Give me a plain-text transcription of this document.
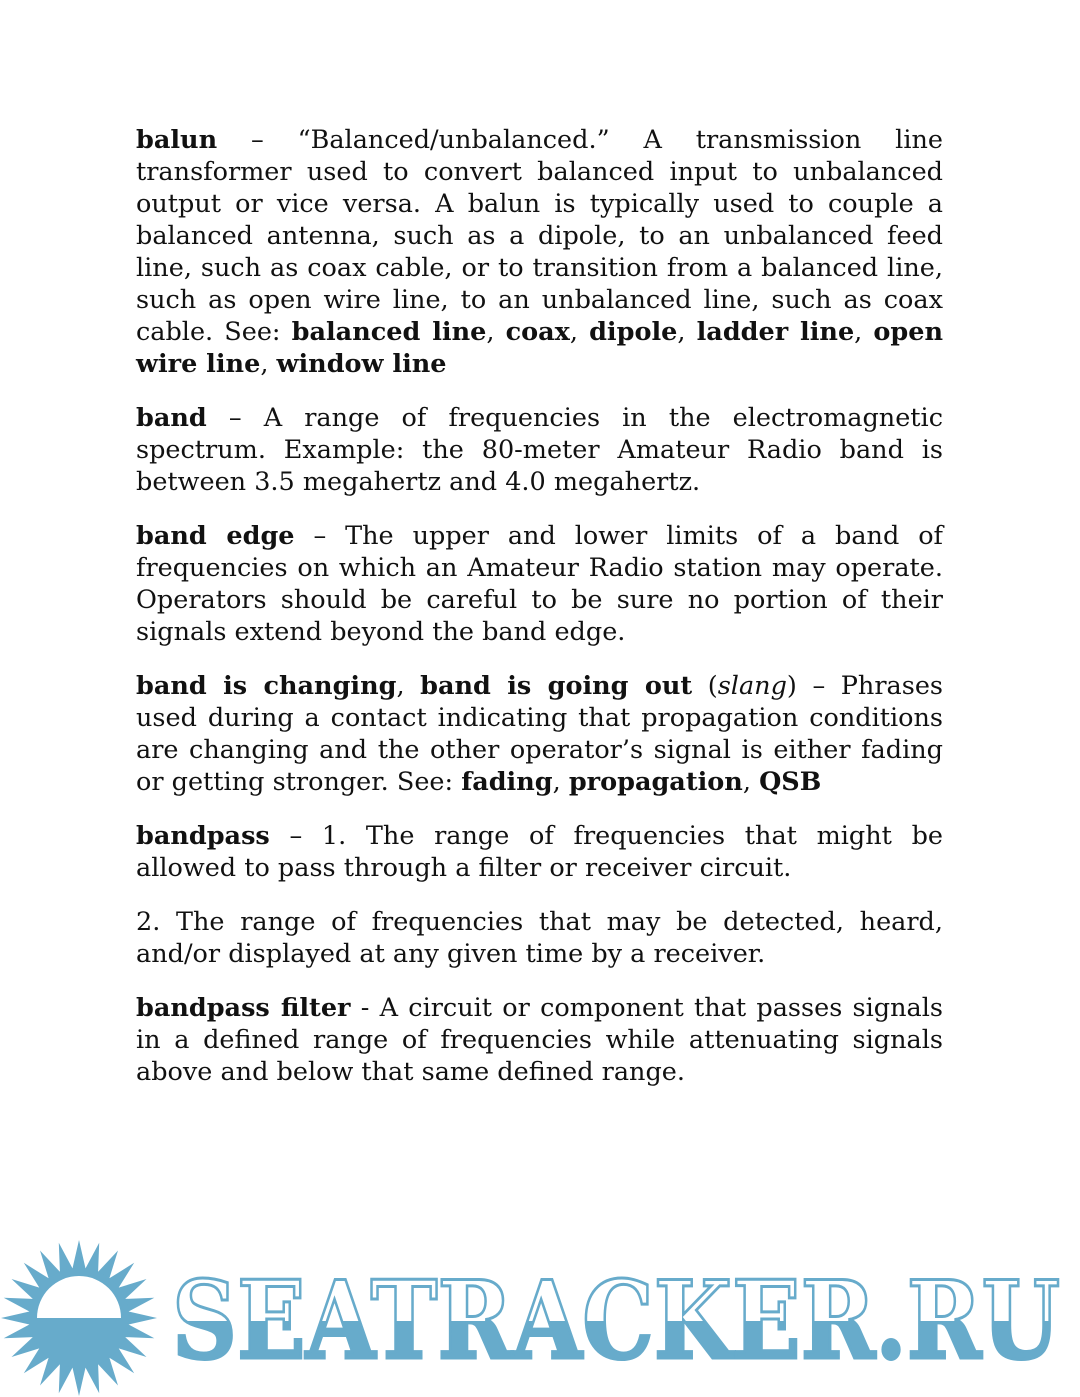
balun – “Balanced/unbalanced.” A transmission line transformer used to convert balanced input to unbalanced output or vice versa. A balun is typically used to couple a balanced antenna, such as a dipole, to an unbalanced feed line, such as coax cable, or to transition from a balanced line, such as open wire line, to an unbalanced line, such as coax cable. See: balanced line, coax, dipole, ladder line, open wire line, window line

band – A range of frequencies in the electromagnetic spectrum. Example: the 80-meter Amateur Radio band is between 3.5 megahertz and 4.0 megahertz.

band edge – The upper and lower limits of a band of frequencies on which an Amateur Radio station may operate. Operators should be careful to be sure no portion of their signals extend beyond the band edge.

band is changing, band is going out (slang) – Phrases used during a contact indicating that propagation conditions are changing and the other operator’s signal is either fading or getting stronger. See: fading, propagation, QSB

bandpass – 1. The range of frequencies that might be allowed to pass through a filter or receiver circuit.

2. The range of frequencies that may be detected, heard, and/or displayed at any given time by a receiver.

bandpass filter - A circuit or component that passes signals in a defined range of frequencies while attenuating signals above and below that same defined range.

SEATRACKER.RU
